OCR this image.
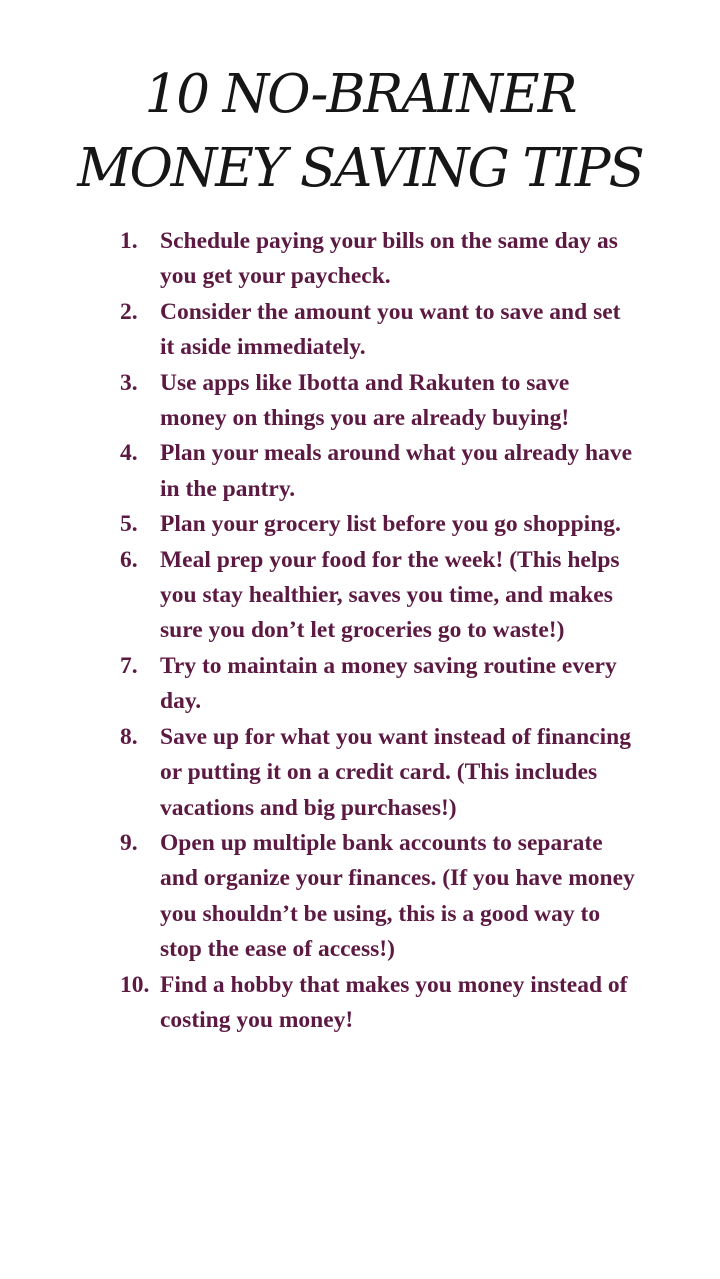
10 NO-BRAINER
MONEY SAVING TIPS
1. Schedule paying your bills on the same day as you get your paycheck.
2. Consider the amount you want to save and set it aside immediately.
3. Use apps like Ibotta and Rakuten to save money on things you are already buying!
4. Plan your meals around what you already have in the pantry.
5. Plan your grocery list before you go shopping.
6. Meal prep your food for the week! (This helps you stay healthier, saves you time, and makes sure you don’t let groceries go to waste!)
7. Try to maintain a money saving routine every day.
8. Save up for what you want instead of financing or putting it on a credit card. (This includes vacations and big purchases!)
9. Open up multiple bank accounts to separate and organize your finances. (If you have money you shouldn’t be using, this is a good way to stop the ease of access!)
10. Find a hobby that makes you money instead of costing you money!
